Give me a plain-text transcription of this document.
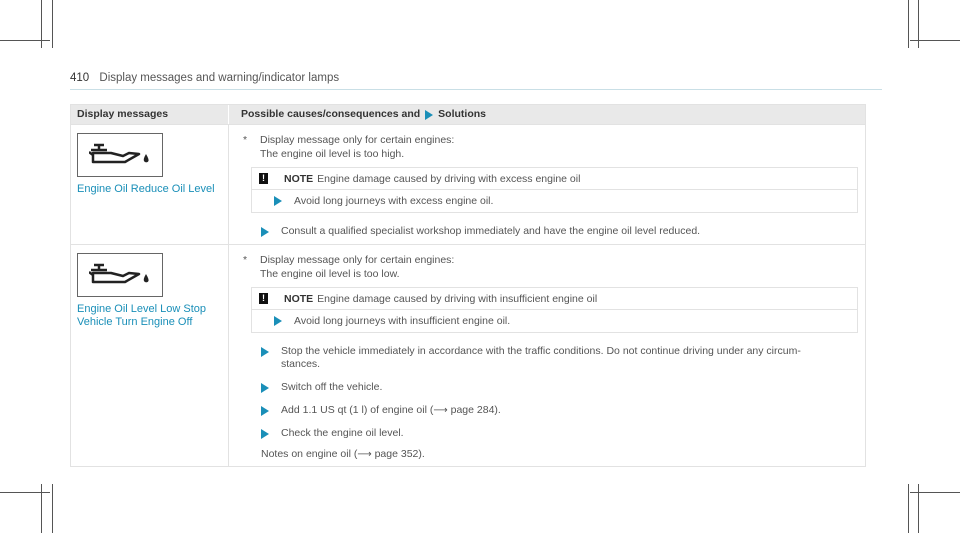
410 Display messages and warning/indicator lamps
Display messages	Possible causes/consequences and Solutions
Engine Oil Reduce Oil Level
* Display message only for certain engines:
The engine oil level is too high.
! NOTE Engine damage caused by driving with excess engine oil
Avoid long journeys with excess engine oil.
Consult a qualified specialist workshop immediately and have the engine oil level reduced.
Engine Oil Level Low Stop
Vehicle Turn Engine Off
* Display message only for certain engines:
The engine oil level is too low.
! NOTE Engine damage caused by driving with insufficient engine oil
Avoid long journeys with insufficient engine oil.
Stop the vehicle immediately in accordance with the traffic conditions. Do not continue driving under any circum-
stances.
Switch off the vehicle.
Add 1.1 US qt (1 l) of engine oil (⟶ page 284).
Check the engine oil level.
Notes on engine oil (⟶ page 352).
